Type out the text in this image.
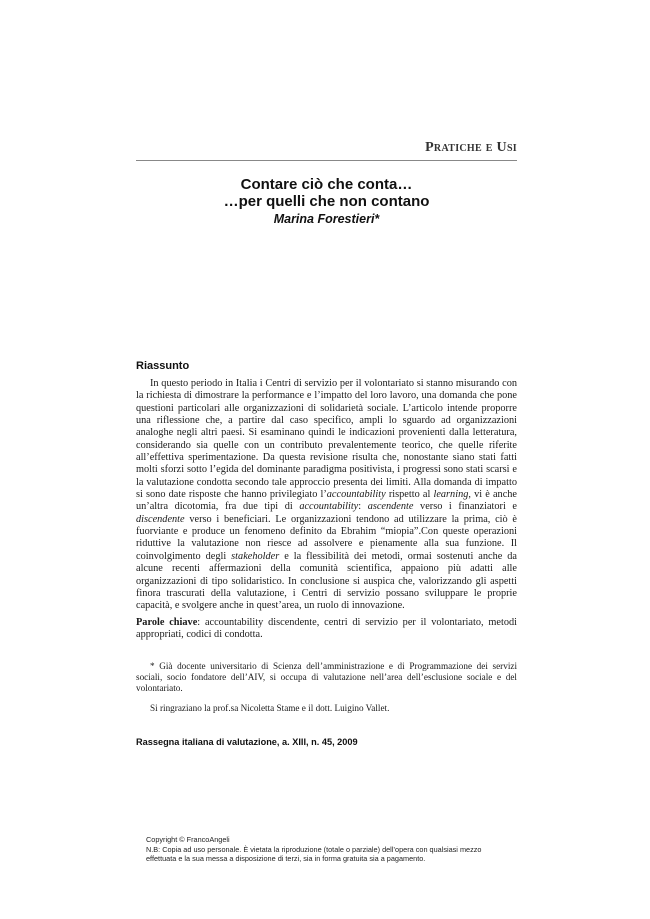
Pratiche e Usi
Contare ciò che conta…
…per quelli che non contano
Marina Forestieri*
Riassunto

In questo periodo in Italia i Centri di servizio per il volontariato si stanno misurando con la richiesta di dimostrare la performance e l’impatto del loro lavoro, una domanda che pone questioni particolari alle organizzazioni di solidarietà sociale. L’articolo intende proporre una riflessione che, a partire dal caso specifico, ampli lo sguardo ad organizzazioni analoghe negli altri paesi. Si esaminano quindi le indicazioni provenienti dalla letteratura, considerando sia quelle con un contributo prevalentemente teorico, che quelle riferite all’effettiva sperimentazione. Da questa revisione risulta che, nonostante siano stati fatti molti sforzi sotto l’egida del dominante paradigma positivista, i progressi sono stati scarsi e la valutazione condotta secondo tale approccio presenta dei limiti. Alla domanda di impatto si sono date risposte che hanno privilegiato l’accountability rispetto al learning, vi è anche un’altra dicotomia, fra due tipi di accountability: ascendente verso i finanziatori e discendente verso i beneficiari. Le organizzazioni tendono ad utilizzare la prima, ciò è fuorviante e produce un fenomeno definito da Ebrahim “miopia”.Con queste operazioni riduttive la valutazione non riesce ad assolvere e pienamente alla sua funzione. Il coinvolgimento degli stakeholder e la flessibilità dei metodi, ormai sostenuti anche da alcune recenti affermazioni della comunità scientifica, appaiono più adatti alle organizzazioni di tipo solidaristico. In conclusione si auspica che, valorizzando gli aspetti finora trascurati della valutazione, i Centri di servizio possano sviluppare le proprie capacità, e svolgere anche in quest’area, un ruolo di innovazione.

Parole chiave: accountability discendente, centri di servizio per il volontariato, metodi appropriati, codici di condotta.

* Già docente universitario di Scienza dell’amministrazione e di Programmazione dei servizi sociali, socio fondatore dell’AIV, si occupa di valutazione nell’area dell’esclusione sociale e del volontariato.

Si ringraziano la prof.sa Nicoletta Stame e il dott. Luigino Vallet.

Rassegna italiana di valutazione, a. XIII, n. 45, 2009
Copyright © FrancoAngeli
N.B: Copia ad uso personale. È vietata la riproduzione (totale o parziale) dell’opera con qualsiasi mezzo
effettuata e la sua messa a disposizione di terzi, sia in forma gratuita sia a pagamento.
